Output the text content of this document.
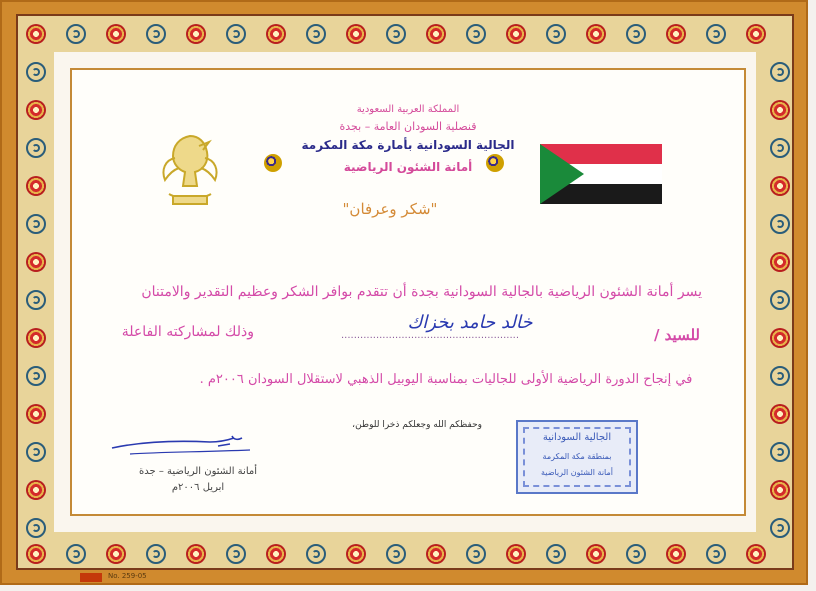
المملكة العربية السعودية
قنصلية السودان العامة – بجدة
الجالية السودانية بأمارة مكة المكرمة
أمانة الشئون الرياضية
"شكر وعرفان"
يسر أمانة الشئون الرياضية بالجالية السودانية بجدة أن تتقدم بوافر الشكر وعظيم التقدير والامتنان
للسيد /
........................................................
خالد حامد بخزاك
وذلك لمشاركته الفاعلة
في إنجاح الدورة الرياضية الأولى للجاليات بمناسبة اليوبيل الذهبي لاستقلال السودان ٢٠٠٦م .
وحفظكم الله وجعلكم ذخرا للوطن،
أمانة الشئون الرياضية – جدة
ابريل ٢٠٠٦م
الجالية السودانية
بمنطقة مكة المكرمة
أمانة الشئون الرياضية
No. 259-05
